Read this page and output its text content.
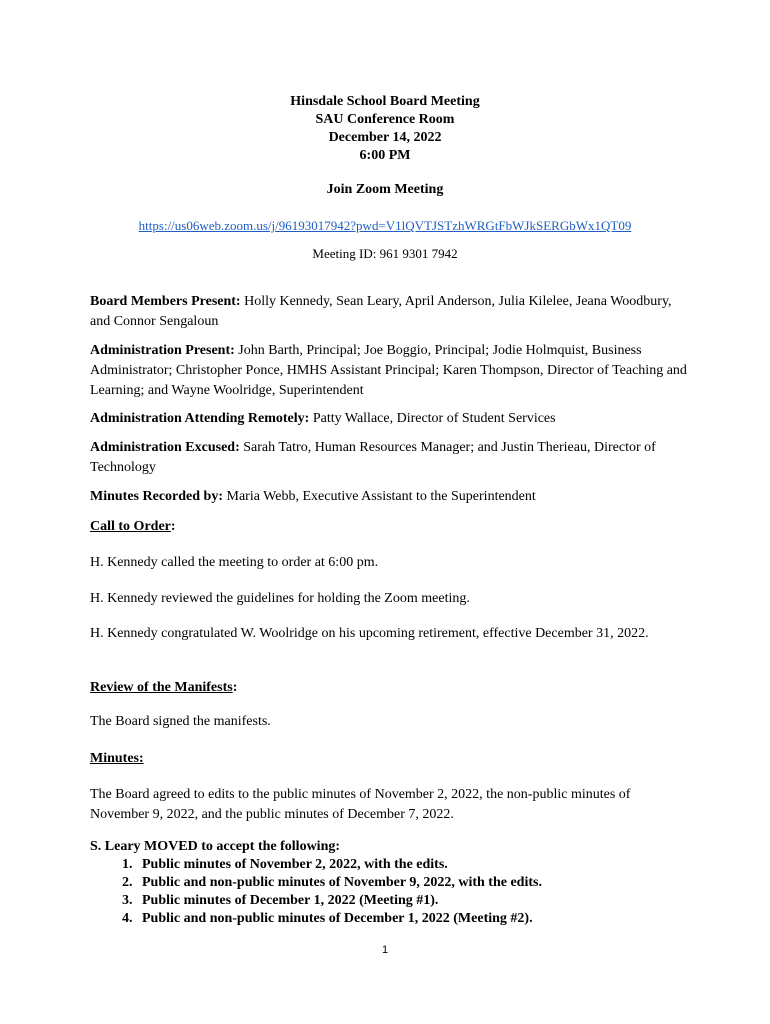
Hinsdale School Board Meeting
SAU Conference Room
December 14, 2022
6:00 PM
Join Zoom Meeting
https://us06web.zoom.us/j/96193017942?pwd=V1lQVTJSTzhWRGtFbWJkSERGbWx1QT09
Meeting ID: 961 9301 7942
Board Members Present: Holly Kennedy, Sean Leary, April Anderson, Julia Kilelee, Jeana Woodbury, and Connor Sengaloun
Administration Present: John Barth, Principal; Joe Boggio, Principal; Jodie Holmquist, Business Administrator; Christopher Ponce, HMHS Assistant Principal; Karen Thompson, Director of Teaching and Learning; and Wayne Woolridge, Superintendent
Administration Attending Remotely: Patty Wallace, Director of Student Services
Administration Excused: Sarah Tatro, Human Resources Manager; and Justin Therieau, Director of Technology
Minutes Recorded by: Maria Webb, Executive Assistant to the Superintendent
Call to Order:
H. Kennedy called the meeting to order at 6:00 pm.
H. Kennedy reviewed the guidelines for holding the Zoom meeting.
H. Kennedy congratulated W. Woolridge on his upcoming retirement, effective December 31, 2022.
Review of the Manifests:
The Board signed the manifests.
Minutes:
The Board agreed to edits to the public minutes of November 2, 2022, the non-public minutes of November 9, 2022, and the public minutes of December 7, 2022.
S. Leary MOVED to accept the following:
1. Public minutes of November 2, 2022, with the edits.
2. Public and non-public minutes of November 9, 2022, with the edits.
3. Public minutes of December 1, 2022 (Meeting #1).
4. Public and non-public minutes of December 1, 2022 (Meeting #2).
1
